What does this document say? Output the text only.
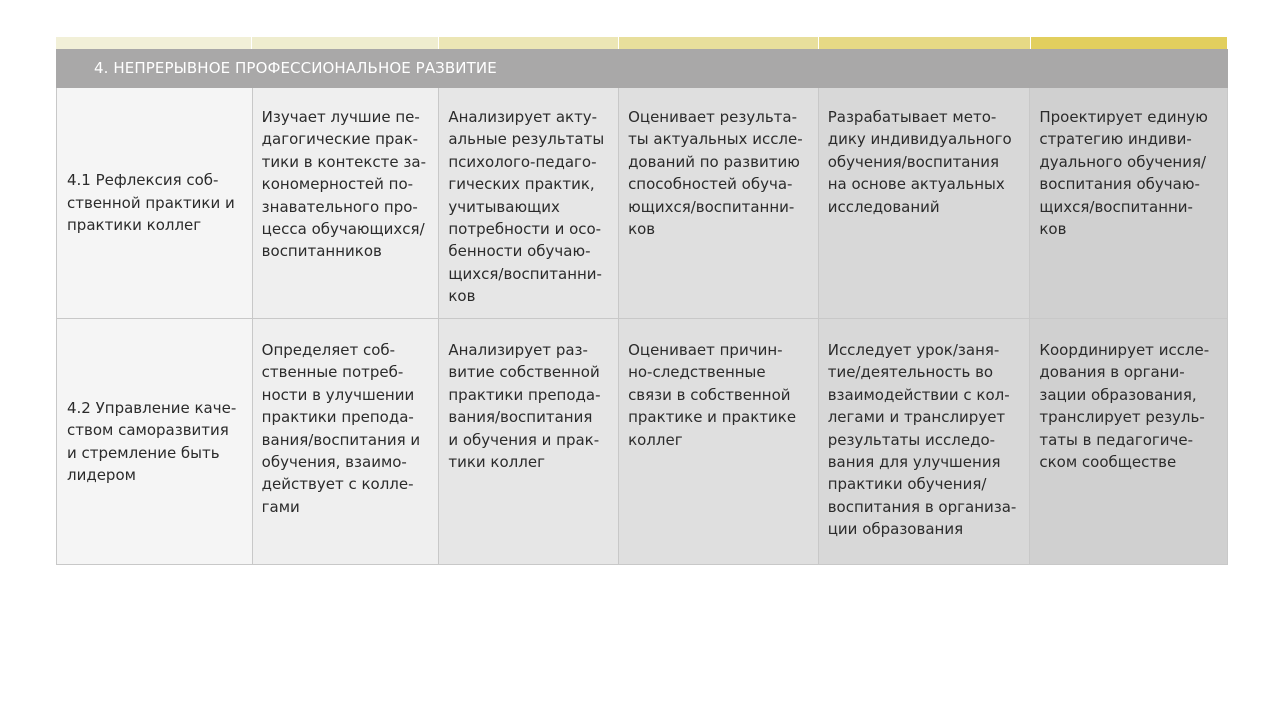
4. НЕПРЕРЫВНОЕ ПРОФЕССИОНАЛЬНОЕ РАЗВИТИЕ
4.1 Рефлексия соб-
ственной практики и
практики коллег
Изучает лучшие пе-
дагогические прак-
тики в контексте за-
кономерностей по-
знавательного про-
цесса обучающихся/
воспитанников
Анализирует акту-
альные результаты
психолого-педаго-
гических практик,
учитывающих
потребности и осо-
бенности обучаю-
щихся/воспитанни-
ков
Оценивает результа-
ты актуальных иссле-
дований по развитию
способностей обуча-
ющихся/воспитанни-
ков
Разрабатывает мето-
дику индивидуального
обучения/воспитания
на основе актуальных
исследований
Проектирует единую
стратегию индиви-
дуального обучения/
воспитания обучаю-
щихся/воспитанни-
ков
4.2 Управление каче-
ством саморазвития
и стремление быть
лидером
Определяет соб-
ственные потреб-
ности в улучшении
практики препода-
вания/воспитания и
обучения, взаимо-
действует с колле-
гами
Анализирует раз-
витие собственной
практики препода-
вания/воспитания
и обучения и прак-
тики коллег
Оценивает причин-
но-следственные
связи в собственной
практике и практике
коллег
Исследует урок/заня-
тие/деятельность во
взаимодействии с кол-
легами и транслирует
результаты исследо-
вания для улучшения
практики обучения/
воспитания в организа-
ции образования
Координирует иссле-
дования в органи-
зации образования,
транслирует резуль-
таты в педагогиче-
ском сообществе
